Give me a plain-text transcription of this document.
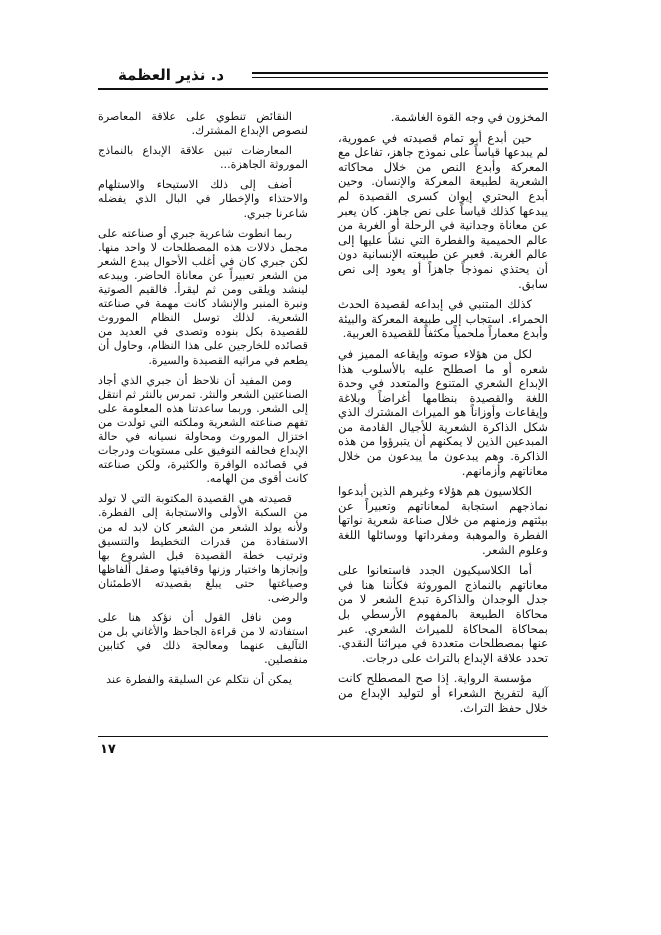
د. نذير العظمة

المخزون في وجه القوة الغاشمة.

حين أبدع أبو تمام قصيدته في عمورية، لم يبدعها قياساً على نموذج جاهز، تفاعل مع المعركة وأبدع النص من خلال محاكاته الشعرية لطبيعة المعركة والإنسان. وحين أبدع البحتري إيوان كسرى القصيدة لم يبدعها كذلك قياساً على نص جاهز. كان يعبر عن معاناة وجدانية في الرحلة أو الغربة من عالم الحميمية والفطرة التي نشأ عليها إلى عالم الغربة. فعبر عن طبيعته الإنسانية دون أن يحتذي نموذجاً جاهزاً أو يعود إلى نص سابق.

كذلك المتنبي في إبداعه لقصيدة الحدث الحمراء. استجاب إلى طبيعة المعركة والبيئة وأبدع معماراً ملحمياً مكثفاً للقصيدة العربية.

لكل من هؤلاء صوته وإيقاعه المميز في شعره أو ما اصطلح عليه بالأسلوب هذا الإبداع الشعري المتنوع والمتعدد في وحدة اللغة والقصيدة بنظامها أغراضاً وبلاغة وإيقاعات وأوزاناً هو الميراث المشترك الذي شكل الذاكرة الشعرية للأجيال القادمة من المبدعين الذين لا يمكنهم أن يتبرؤوا من هذه الذاكرة. وهم يبدعون ما يبدعون من خلال معاناتهم وأزمانهم.

الكلاسيون هم هؤلاء وغيرهم الذين أبدعوا نماذجهم استجابة لمعاناتهم وتعبيراً عن بيئتهم وزمنهم من خلال صناعة شعرية نواتها الفطرة والموهبة ومفرداتها ووسائلها اللغة وعلوم الشعر.

أما الكلاسيكيون الجدد فاستعانوا على معاناتهم بالنماذج الموروثة فكأننا هنا في جدل الوجدان والذاكرة تبدع الشعر لا من محاكاة الطبيعة بالمفهوم الأرسطي بل بمحاكاة المحاكاة للميراث الشعري. عبر عنها بمصطلحات متعددة في ميراثنا النقدي. تحدد علاقة الإبداع بالتراث على درجات.

مؤسسة الرواية. إذا صح المصطلح كانت آلية لتفريخ الشعراء أو لتوليد الإبداع من خلال حفظ التراث.

النقائض تنطوي على علاقة المعاصرة لنصوص الإبداع المشترك.

المعارضات تبين علاقة الإبداع بالنماذج الموروثة الجاهزة...

أضف إلى ذلك الاستيحاء والاستلهام والاحتذاء والإخطار في البال الذي يفضله شاعرنا جبري.

ربما انطوت شاعرية جبري أو صناعته على مجمل دلالات هذه المصطلحات لا واحد منها. لكن جبري كان في أغلب الأحوال يبدع الشعر من الشعر تعبيراً عن معاناة الحاضر. ويبدعه لينشد ويلقى ومن ثم ليقرأ. فالقيم الصوتية ونبرة المنبر والإنشاد كانت مهمة في صناعته الشعرية. لذلك توسل النظام الموروث للقصيدة بكل بنوده وتصدى في العديد من قصائده للخارجين على هذا النظام، وحاول أن يطعم في مراثيه القصيدة والسيرة.

ومن المفيد أن نلاحظ أن جبري الذي أجاد الصناعتين الشعر والنثر. تمرس بالنثر ثم انتقل إلى الشعر. وربما ساعدتنا هذه المعلومة على تفهم صناعته الشعرية وملكته التي تولدت من اختزال الموروث ومحاولة نسيانه في حالة الإبداع فحالفه التوفيق على مستويات ودرجات في قصائده الوافرة والكثيرة، ولكن صناعته كانت أقوى من الهامه.

قصيدته هي القصيدة المكتوبة التي لا تولد من السكبة الأولى والاستجابة إلى الفطرة. ولأنه يولد الشعر من الشعر كان لابد له من الاستفادة من قدرات التخطيط والتنسيق وترتيب خطة القصيدة قبل الشروع بها وإنجازها واختيار وزنها وقافيتها وصقل ألفاظها وصياغتها حتى يبلغ بقصيدته الاطمئنان والرضى.

ومن نافل القول أن نؤكد هنا على استفادته لا من قراءة الجاحظ والأغاني بل من التآليف عنهما ومعالجة ذلك في كتابين منفصلين.

يمكن أن نتكلم عن السليقة والفطرة عند

١٧
